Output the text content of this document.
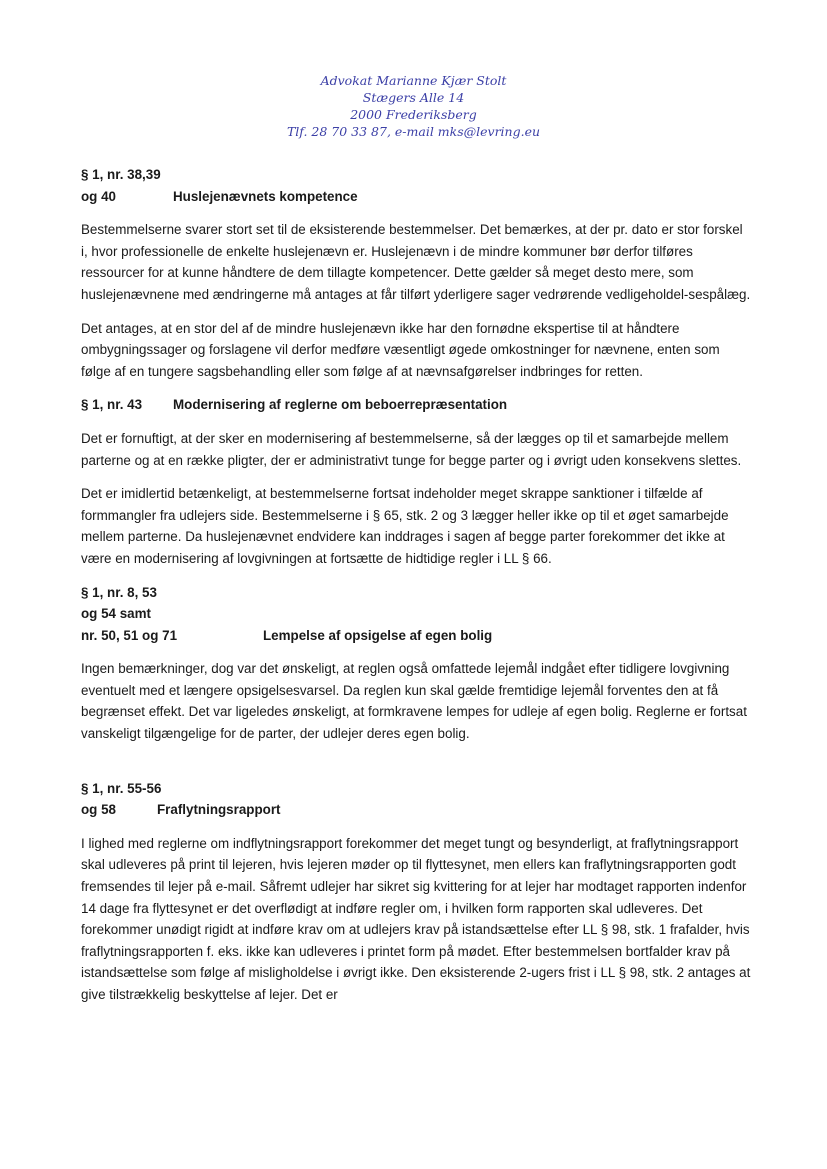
Advokat Marianne Kjær Stolt
Stægers Alle 14
2000 Frederiksberg
Tlf. 28 70 33 87, e-mail mks@levring.eu
§ 1, nr. 38,39
og 40	Huslejenævnets kompetence

Bestemmelserne svarer stort set til de eksisterende bestemmelser. Det bemærkes, at der pr. dato er stor forskel i, hvor professionelle de enkelte huslejenævn er. Huslejenævn i de mindre kommuner bør derfor tilføres ressourcer for at kunne håndtere de dem tillagte kompetencer. Dette gælder så meget desto mere, som huslejenævnene med ændringerne må antages at får tilført yderligere sager vedrørende vedligeholdel-sespålæg.

Det antages, at en stor del af de mindre huslejenævn ikke har den fornødne ekspertise til at håndtere ombygningssager og forslagene vil derfor medføre væsentligt øgede omkostninger for nævnene, enten som følge af en tungere sagsbehandling eller som følge af at nævnsafgørelser indbringes for retten.

§ 1, nr. 43	Modernisering af reglerne om beboerrepræsentation

Det er fornuftigt, at der sker en modernisering af bestemmelserne, så der lægges op til et samarbejde mellem parterne og at en række pligter, der er administrativt tunge for begge parter og i øvrigt uden konsekvens slettes.

Det er imidlertid betænkeligt, at bestemmelserne fortsat indeholder meget skrappe sanktioner i tilfælde af formmangler fra udlejers side. Bestemmelserne i § 65, stk. 2 og 3 lægger heller ikke op til et øget samarbejde mellem parterne. Da huslejenævnet endvidere kan inddrages i sagen af begge parter forekommer det ikke at være en modernisering af lovgivningen at fortsætte de hidtidige regler i LL § 66.

§ 1, nr. 8, 53
og 54 samt
nr. 50, 51 og 71	Lempelse af opsigelse af egen bolig

Ingen bemærkninger, dog var det ønskeligt, at reglen også omfattede lejemål indgået efter tidligere lovgivning eventuelt med et længere opsigelsesvarsel. Da reglen kun skal gælde fremtidige lejemål forventes den at få begrænset effekt. Det var ligeledes ønskeligt, at formkravene lempes for udleje af egen bolig. Reglerne er fortsat vanskeligt tilgængelige for de parter, der udlejer deres egen bolig.

§ 1, nr. 55-56
og 58	Fraflytningsrapport

I lighed med reglerne om indflytningsrapport forekommer det meget tungt og besynderligt, at fraflytningsrapport skal udleveres på print til lejeren, hvis lejeren møder op til flyttesynet, men ellers kan fraflytningsrapporten godt fremsendes til lejer på e-mail. Såfremt udlejer har sikret sig kvittering for at lejer har modtaget rapporten indenfor 14 dage fra flyttesynet er det overflødigt at indføre regler om, i hvilken form rapporten skal udleveres. Det forekommer unødigt rigidt at indføre krav om at udlejers krav på istandsættelse efter LL § 98, stk. 1 frafalder, hvis fraflytningsrapporten f. eks. ikke kan udleveres i printet form på mødet. Efter bestemmelsen bortfalder krav på istandsættelse som følge af misligholdelse i øvrigt ikke. Den eksisterende 2-ugers frist i LL § 98, stk. 2 antages at give tilstrækkelig beskyttelse af lejer. Det er
